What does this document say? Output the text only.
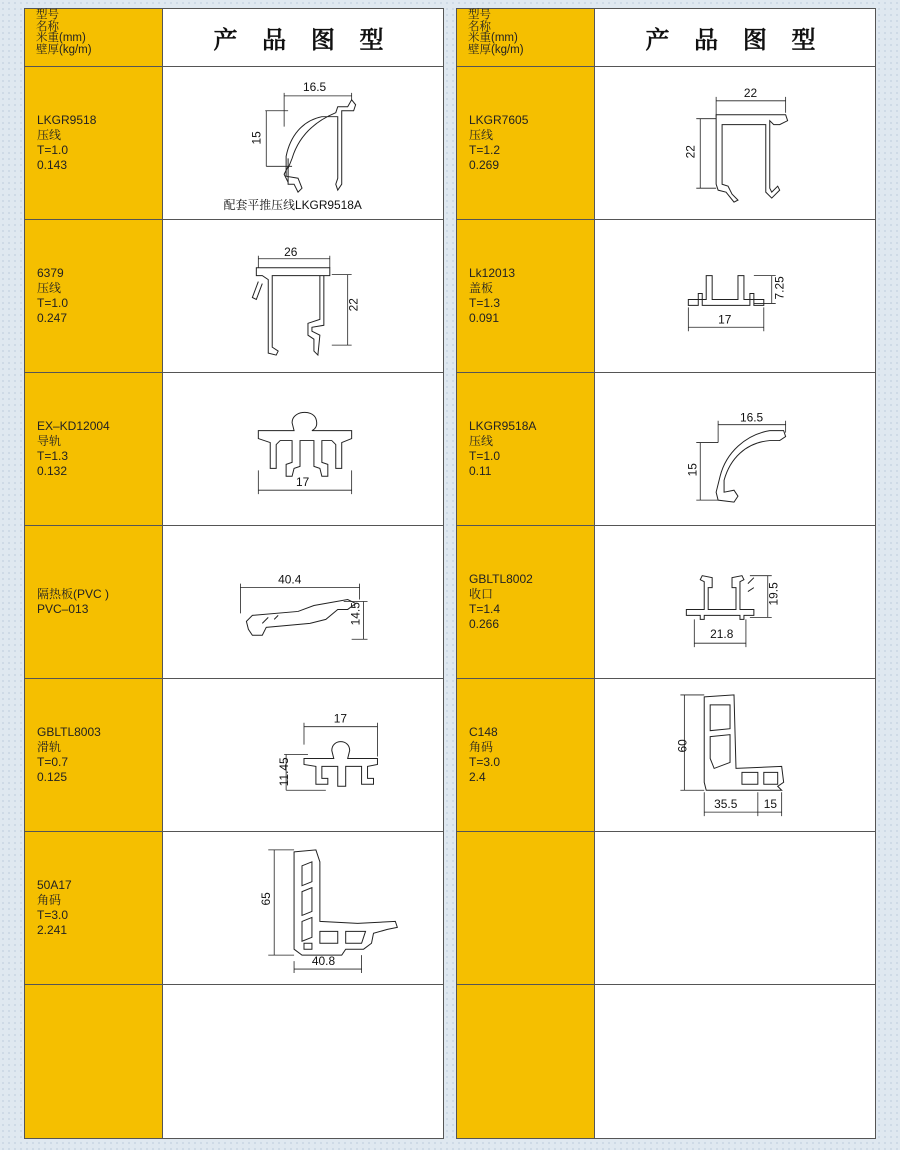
型号
名称
米重(mm)
壁厚(kg/m)	产 品 图 型
LKGR9518
压线
T=1.0
0.143
16.5
15
配套平推压线LKGR9518A
6379
压线
T=1.0
0.247
26
22
EX–KD12004
导轨
T=1.3
0.132
17
隔热板(PVC )
PVC–013
40.4
14.5
GBLTL8003
滑轨
T=0.7
0.125
17
11.45
50A17
角码
T=3.0
2.241
65
40.8
型号
名称
米重(mm)
壁厚(kg/m)	产 品 图 型
LKGR7605
压线
T=1.2
0.269
22
22
Lk12013
盖板
T=1.3
0.091
7.25
17
LKGR9518A
压线
T=1.0
0.11
16.5
15
GBLTL8002
收口
T=1.4
0.266
19.5
21.8
C148
角码
T=3.0
2.4
60
35.5 15
